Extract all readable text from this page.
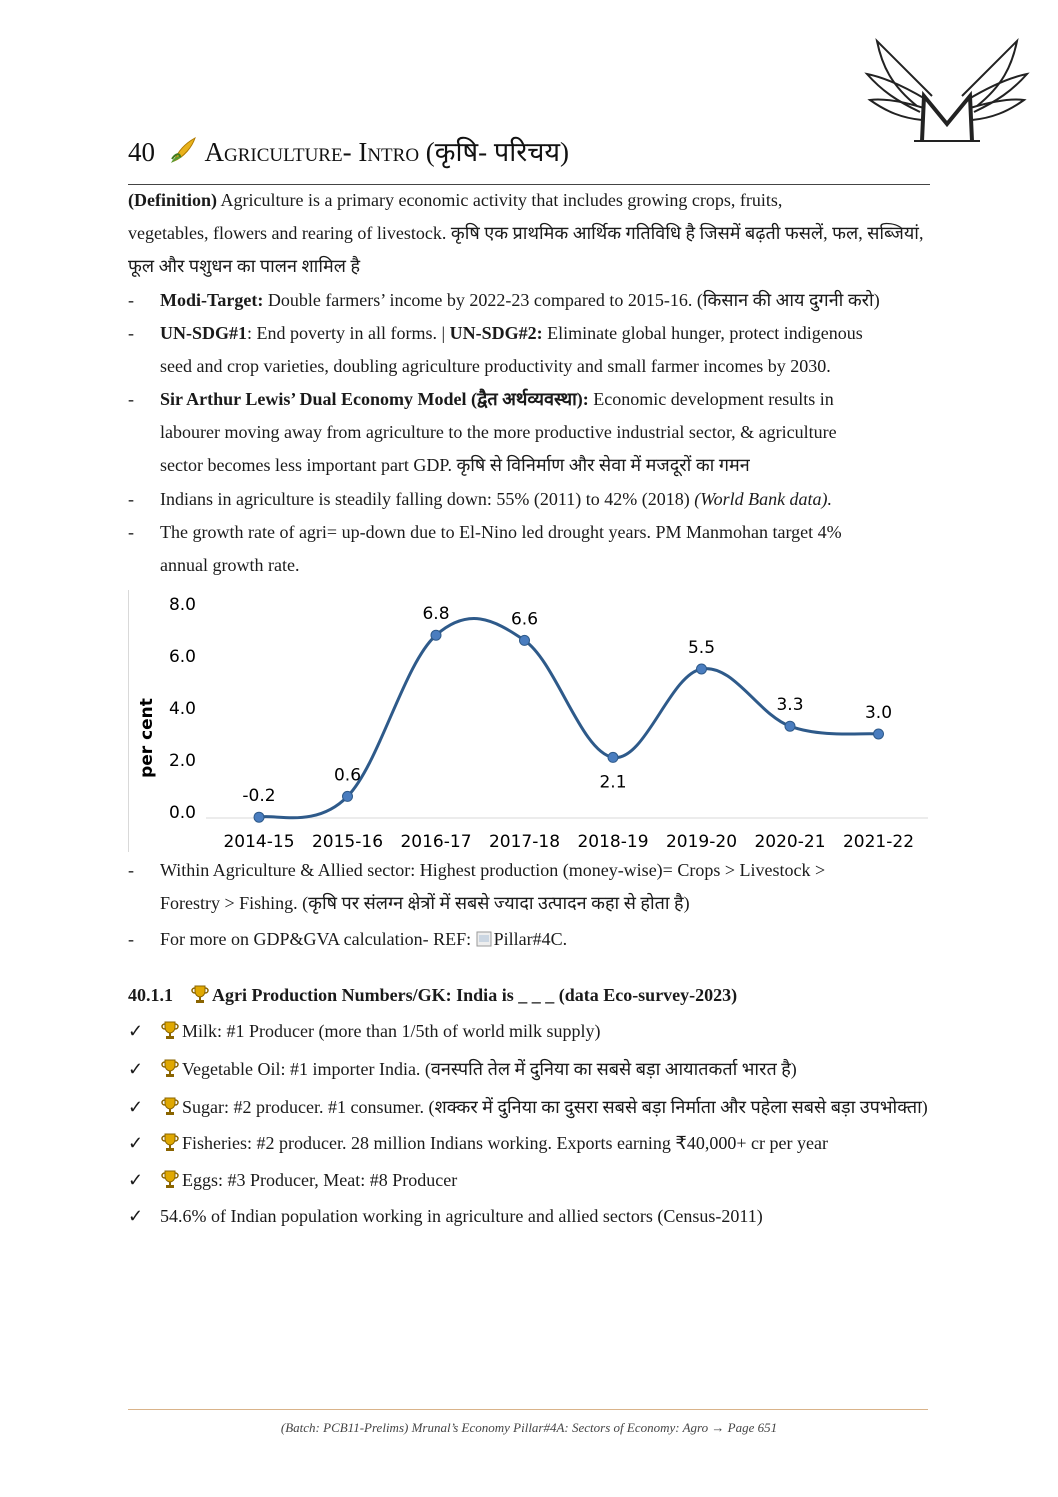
40 Agriculture- Intro (कृषि- परिचय)
(Definition) Agriculture is a primary economic activity that includes growing crops, fruits,
vegetables, flowers and rearing of livestock. कृषि एक प्राथमिक आर्थिक गतिविधि है जिसमें बढ़ती फसलें, फल, सब्जियां,
फूल और पशुधन का पालन शामिल है
-	Modi-Target: Double farmers’ income by 2022-23 compared to 2015-16. (किसान की आय दुगनी करो)
-	UN-SDG#1: End poverty in all forms. | UN-SDG#2: Eliminate global hunger, protect indigenous
seed and crop varieties, doubling agriculture productivity and small farmer incomes by 2030.
-	Sir Arthur Lewis’ Dual Economy Model (द्वैत अर्थव्यवस्था): Economic development results in
labourer moving away from agriculture to the more productive industrial sector, & agriculture
sector becomes less important part GDP. कृषि से विनिर्माण और सेवा में मजदूरों का गमन
-	Indians in agriculture is steadily falling down: 55% (2011) to 42% (2018) (World Bank data).
-	The growth rate of agri= up-down due to El-Nino led drought years. PM Manmohan target 4%
annual growth rate.
per cent
0.0
2.0
4.0
6.0
8.0
2014-15 2015-16 2016-17 2017-18 2018-19 2019-20 2020-21 2021-22
-0.2
0.6
6.8	6.6
2.1
5.5
3.3	3.0
-	Within Agriculture & Allied sector: Highest production (money-wise)= Crops > Livestock >
Forestry > Fishing. (कृषि पर संलग्न क्षेत्रों में सबसे ज्यादा उत्पादन कहा से होता है)
-	For more on GDP&GVA calculation- REF: Pillar#4C.
40.1.1 Agri Production Numbers/GK: India is _ _ _ (data Eco-survey-2023)
✓ Milk: #1 Producer (more than 1/5th of world milk supply)
✓ Vegetable Oil: #1 importer India. (वनस्पति तेल में दुनिया का सबसे बड़ा आयातकर्ता भारत है)
✓ Sugar: #2 producer. #1 consumer. (शक्कर में दुनिया का दुसरा सबसे बड़ा निर्माता और पहेला सबसे बड़ा उपभोक्ता)
✓ Fisheries: #2 producer. 28 million Indians working. Exports earning ₹40,000+ cr per year
✓ Eggs: #3 Producer, Meat: #8 Producer
✓ 54.6% of Indian population working in agriculture and allied sectors (Census-2011)
(Batch: PCB11-Prelims) Mrunal’s Economy Pillar#4A: Sectors of Economy: Agro → Page 651
